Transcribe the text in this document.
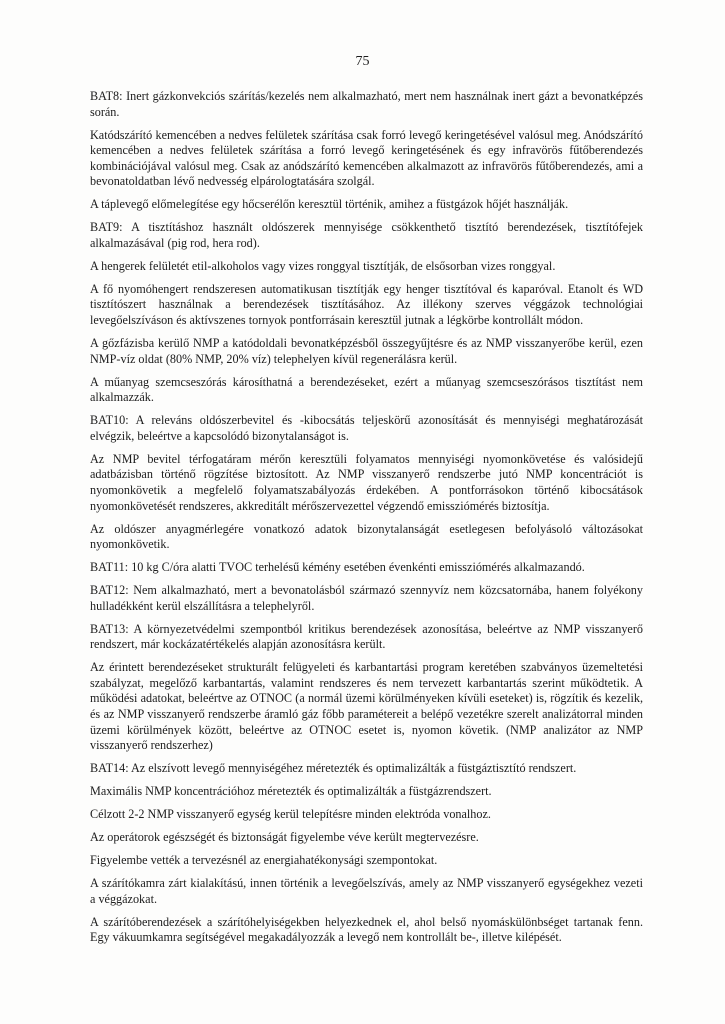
75

BAT8: Inert gázkonvekciós szárítás/kezelés nem alkalmazható, mert nem használnak inert gázt a bevonatképzés során.

Katódszárító kemencében a nedves felületek szárítása csak forró levegő keringetésével valósul meg. Anódszárító kemencében a nedves felületek szárítása a forró levegő keringetésének és egy infravörös fűtőberendezés kombinációjával valósul meg. Csak az anódszárító kemencében alkalmazott az infravörös fűtőberendezés, ami a bevonatoldatban lévő nedvesség elpárologtatására szolgál.

A táplevegő előmelegítése egy hőcserélőn keresztül történik, amihez a füstgázok hőjét használják.

BAT9: A tisztításhoz használt oldószerek mennyisége csökkenthető tisztító berendezések, tisztítófejek alkalmazásával (pig rod, hera rod).

A hengerek felületét etil-alkoholos vagy vizes ronggyal tisztítják, de elsősorban vizes ronggyal.

A fő nyomóhengert rendszeresen automatikusan tisztítják egy henger tisztítóval és kaparóval. Etanolt és WD tisztítószert használnak a berendezések tisztításához. Az illékony szerves véggázok technológiai levegőelszíváson és aktívszenes tornyok pontforrásain keresztül jutnak a légkörbe kontrollált módon.

A gőzfázisba kerülő NMP a katódoldali bevonatképzésből összegyűjtésre és az NMP visszanyerőbe kerül, ezen NMP-víz oldat (80% NMP, 20% víz) telephelyen kívül regenerálásra kerül.

A műanyag szemcseszórás károsíthatná a berendezéseket, ezért a műanyag szemcseszórásos tisztítást nem alkalmazzák.

BAT10: A releváns oldószerbevitel és -kibocsátás teljeskörű azonosítását és mennyiségi meghatározását elvégzik, beleértve a kapcsolódó bizonytalanságot is.

Az NMP bevitel térfogatáram mérőn keresztüli folyamatos mennyiségi nyomonkövetése és valósidejű adatbázisban történő rögzítése biztosított. Az NMP visszanyerő rendszerbe jutó NMP koncentrációt is nyomonkövetik a megfelelő folyamatszabályozás érdekében. A pontforrásokon történő kibocsátások nyomonkövetését rendszeres, akkreditált mérőszervezettel végzendő emissziómérés biztosítja.

Az oldószer anyagmérlegére vonatkozó adatok bizonytalanságát esetlegesen befolyásoló változásokat nyomonkövetik.

BAT11: 10 kg C/óra alatti TVOC terhelésű kémény esetében évenkénti emissziómérés alkalmazandó.

BAT12: Nem alkalmazható, mert a bevonatolásból származó szennyvíz nem közcsatornába, hanem folyékony hulladékként kerül elszállításra a telephelyről.

BAT13: A környezetvédelmi szempontból kritikus berendezések azonosítása, beleértve az NMP visszanyerő rendszert, már kockázatértékelés alapján azonosításra került.

Az érintett berendezéseket strukturált felügyeleti és karbantartási program keretében szabványos üzemeltetési szabályzat, megelőző karbantartás, valamint rendszeres és nem tervezett karbantartás szerint működtetik. A működési adatokat, beleértve az OTNOC (a normál üzemi körülményeken kívüli eseteket) is, rögzítik és kezelik, és az NMP visszanyerő rendszerbe áramló gáz főbb paramétereit a belépő vezetékre szerelt analizátorral minden üzemi körülmények között, beleértve az OTNOC esetet is, nyomon követik. (NMP analizátor az NMP visszanyerő rendszerhez)

BAT14: Az elszívott levegő mennyiségéhez méretezték és optimalizálták a füstgáztisztító rendszert.

Maximális NMP koncentrációhoz méretezték és optimalizálták a füstgázrendszert.

Célzott 2-2 NMP visszanyerő egység kerül telepítésre minden elektróda vonalhoz.

Az operátorok egészségét és biztonságát figyelembe véve került megtervezésre.

Figyelembe vették a tervezésnél az energiahatékonysági szempontokat.

A szárítókamra zárt kialakítású, innen történik a levegőelszívás, amely az NMP visszanyerő egységekhez vezeti a véggázokat.

A szárítóberendezések a szárítóhelyiségekben helyezkednek el, ahol belső nyomáskülönbséget tartanak fenn. Egy vákuumkamra segítségével megakadályozzák a levegő nem kontrollált be-, illetve kilépését.
